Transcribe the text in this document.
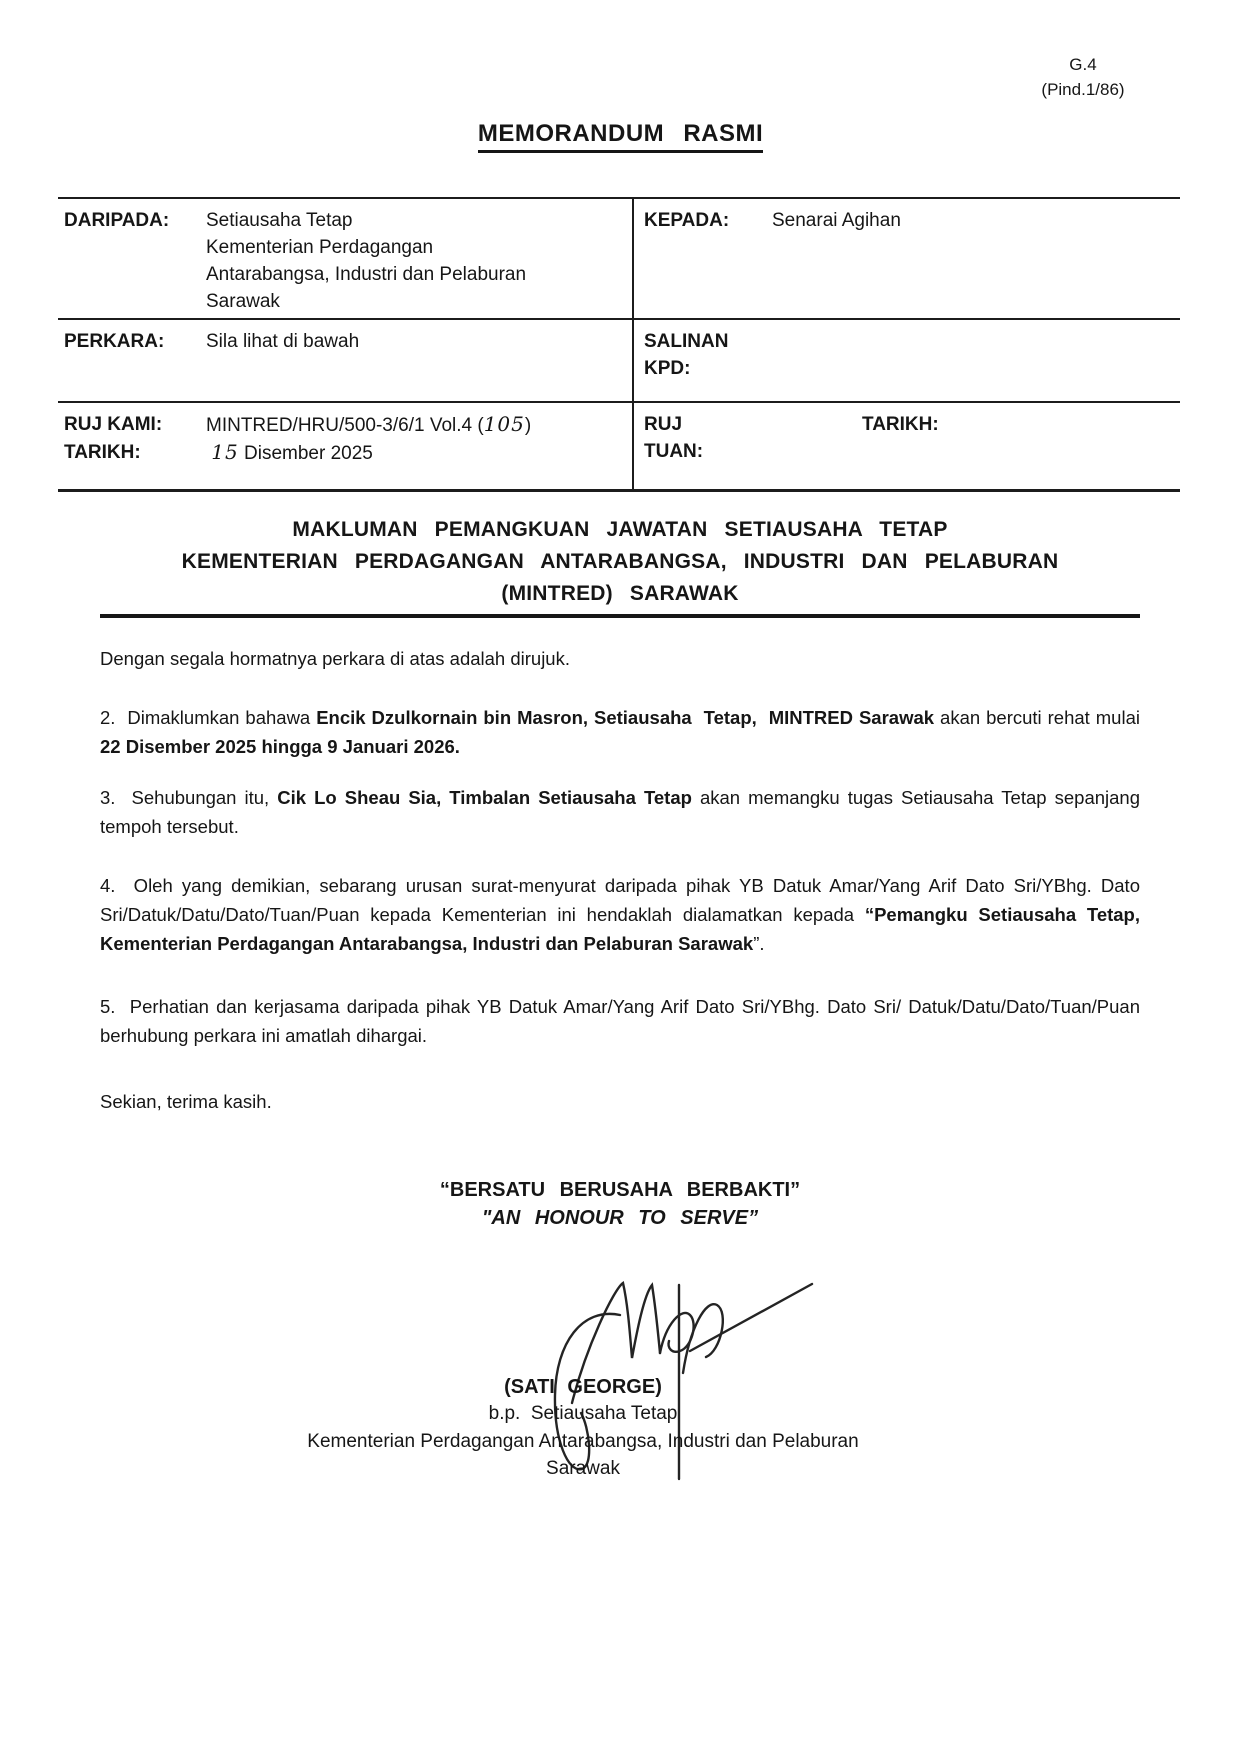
G.4
(Pind.1/86)
MEMORANDUM RASMI
DARIPADA:	Setiausaha Tetap
Kementerian Perdagangan
Antarabangsa, Industri dan Pelaburan
Sarawak
KEPADA:	Senarai Agihan
PERKARA:	Sila lihat di bawah	SALINAN
KPD:
RUJ KAMI:	MINTRED/HRU/500-3/6/1 Vol.4 (105)
TARIKH:	15 Disember 2025
RUJ
TUAN:
TARIKH:
MAKLUMAN PEMANGKUAN JAWATAN SETIAUSAHA TETAP
KEMENTERIAN PERDAGANGAN ANTARABANGSA, INDUSTRI DAN PELABURAN
(MINTRED) SARAWAK

Dengan segala hormatnya perkara di atas adalah dirujuk.

2.  Dimaklumkan bahawa Encik Dzulkornain bin Masron, Setiausaha  Tetap,  MINTRED Sarawak akan bercuti rehat mulai 22 Disember 2025 hingga 9 Januari 2026.

3.  Sehubungan itu, Cik Lo Sheau Sia, Timbalan Setiausaha Tetap akan memangku tugas Setiausaha Tetap sepanjang tempoh tersebut.

4.  Oleh yang demikian, sebarang urusan surat-menyurat daripada pihak YB Datuk Amar/Yang Arif Dato Sri/YBhg. Dato Sri/Datuk/Datu/Dato/Tuan/Puan kepada Kementerian ini hendaklah dialamatkan kepada “Pemangku Setiausaha Tetap, Kementerian Perdagangan Antarabangsa, Industri dan Pelaburan Sarawak”.

5.  Perhatian dan kerjasama daripada pihak YB Datuk Amar/Yang Arif Dato Sri/YBhg. Dato Sri/ Datuk/Datu/Dato/Tuan/Puan berhubung perkara ini amatlah dihargai.

Sekian, terima kasih.

“BERSATU BERUSAHA BERBAKTI”
"AN HONOUR TO SERVE”
(SATI GEORGE)
b.p.  Setiausaha Tetap
Kementerian Perdagangan Antarabangsa, Industri dan Pelaburan
Sarawak
